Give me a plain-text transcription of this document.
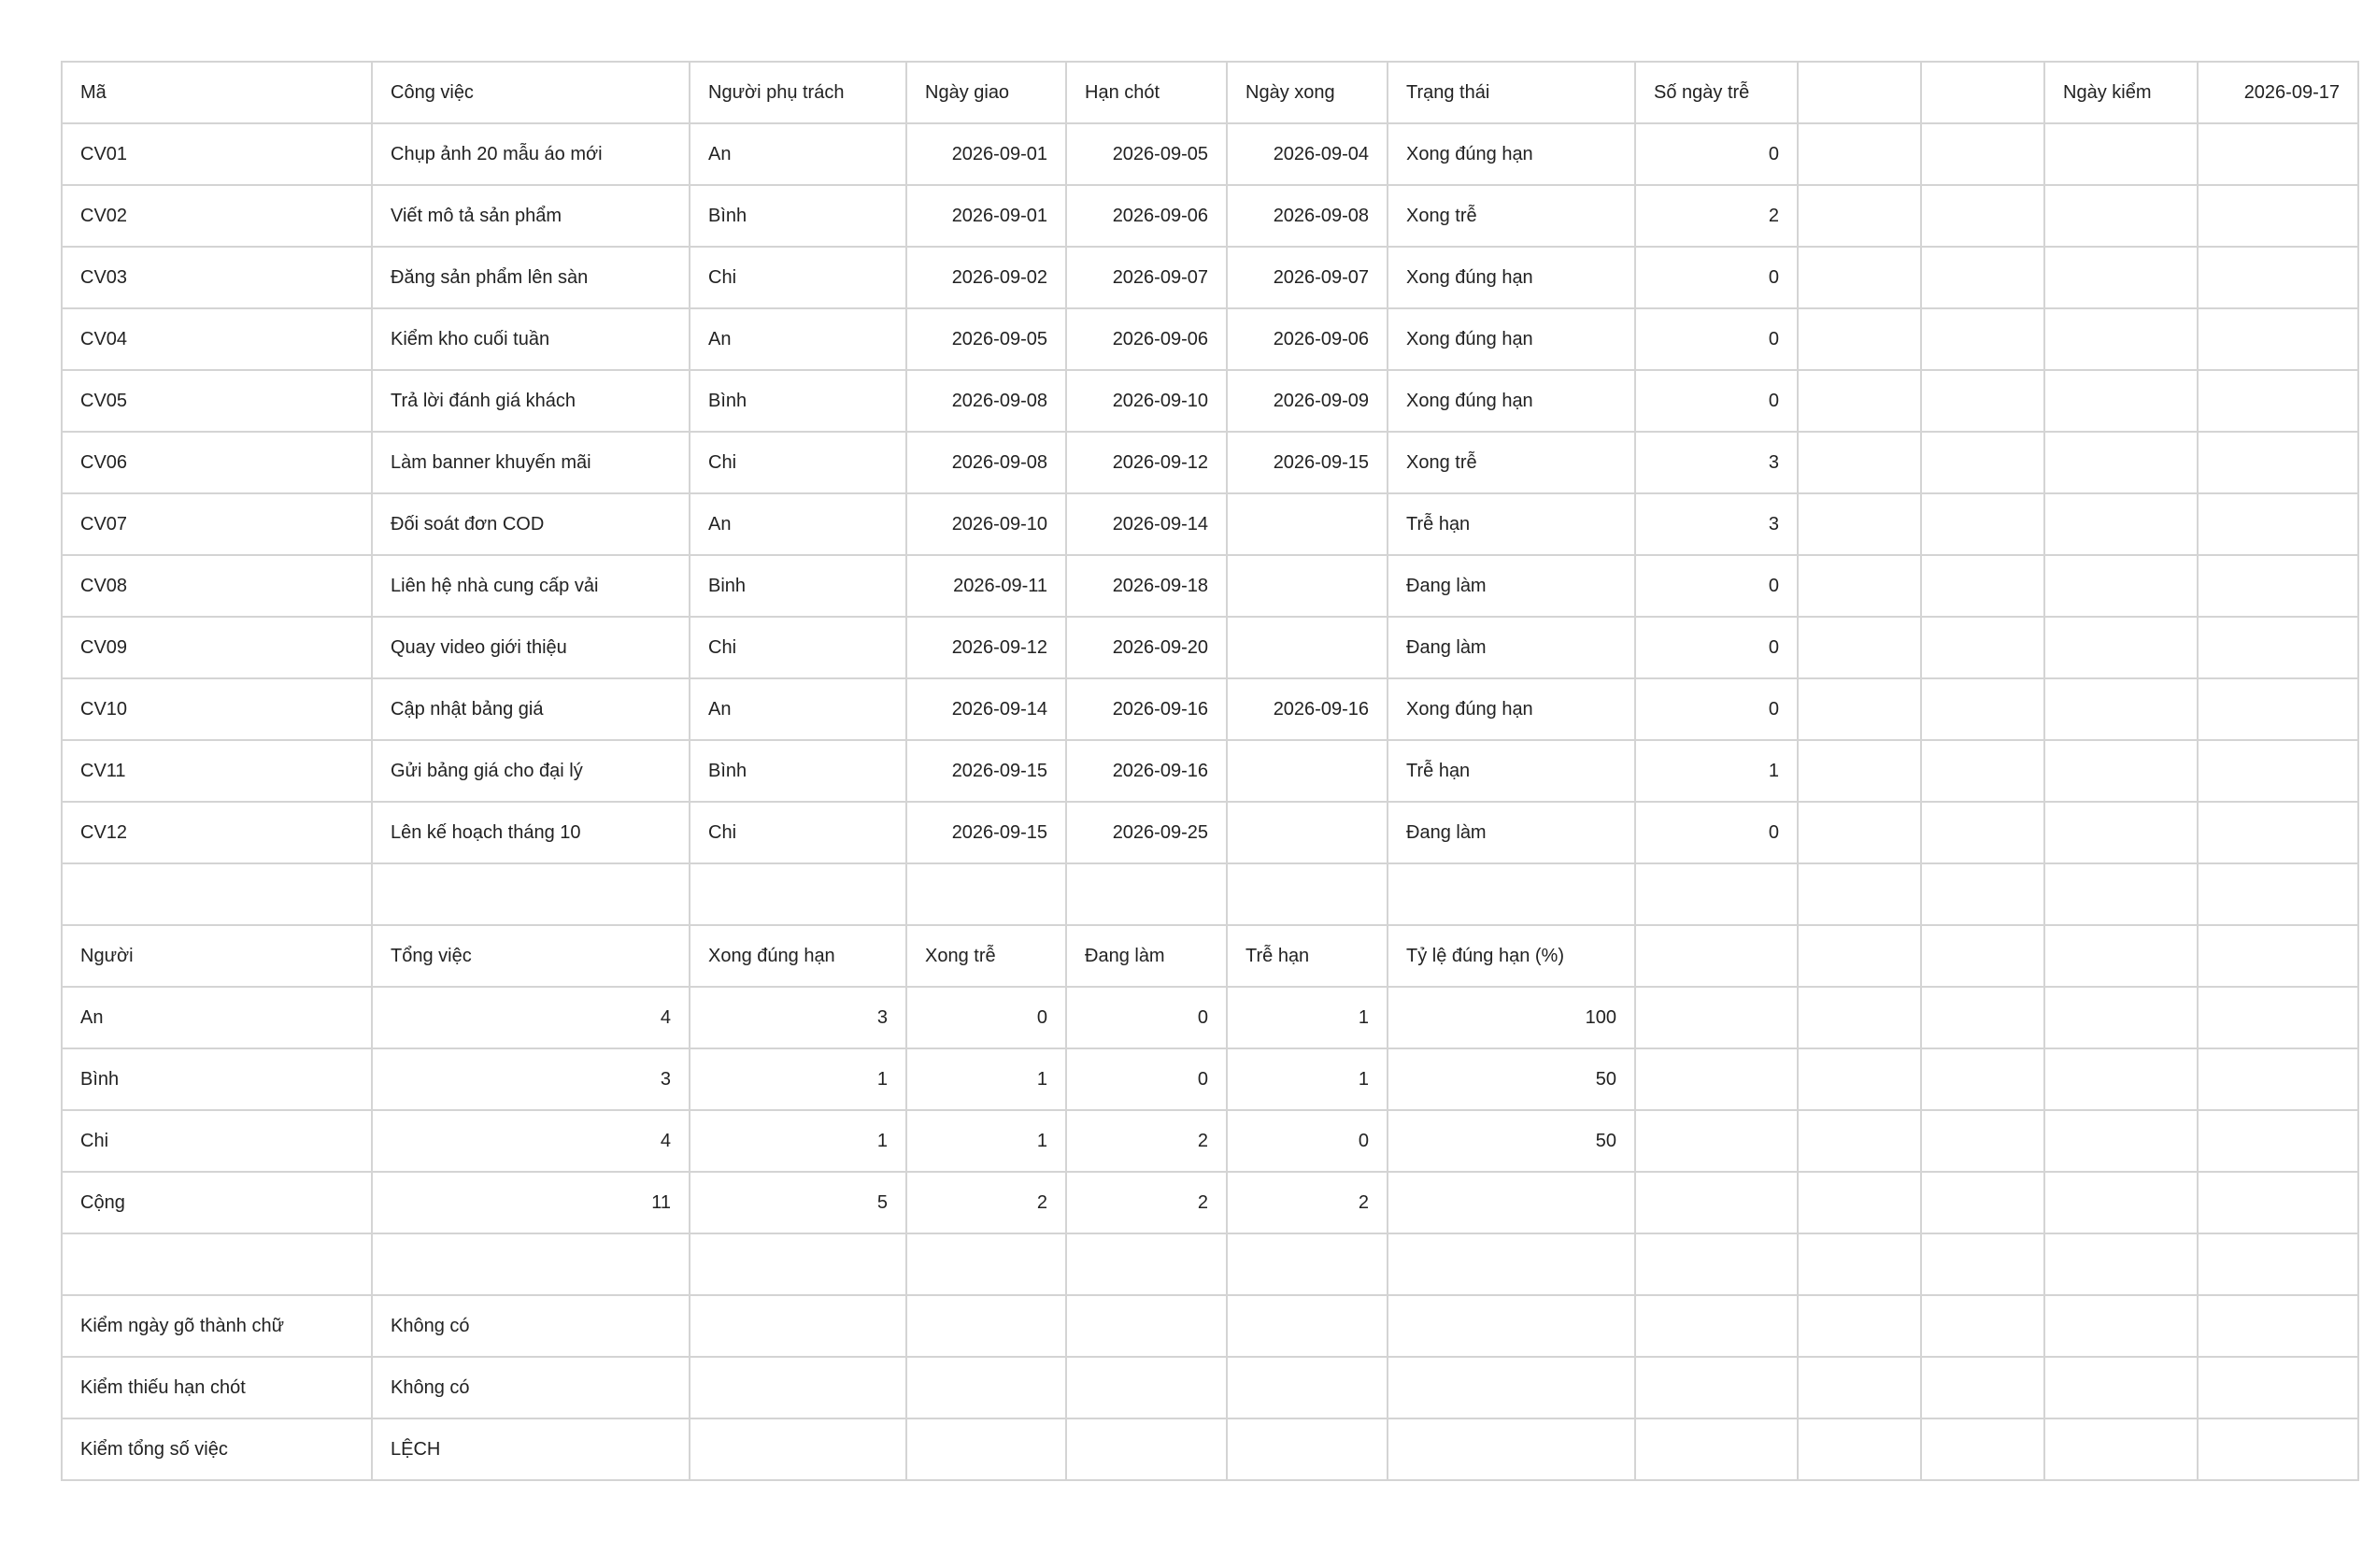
Mã	Công việc	Người phụ trách	Ngày giao	Hạn chót	Ngày xong	Trạng thái	Số ngày trễ			Ngày kiểm	2026-09-17
CV01	Chụp ảnh 20 mẫu áo mới	An	2026-09-01	2026-09-05	2026-09-04	Xong đúng hạn	0				
CV02	Viết mô tả sản phẩm	Bình	2026-09-01	2026-09-06	2026-09-08	Xong trễ	2				
CV03	Đăng sản phẩm lên sàn	Chi	2026-09-02	2026-09-07	2026-09-07	Xong đúng hạn	0				
CV04	Kiểm kho cuối tuần	An	2026-09-05	2026-09-06	2026-09-06	Xong đúng hạn	0				
CV05	Trả lời đánh giá khách	Bình	2026-09-08	2026-09-10	2026-09-09	Xong đúng hạn	0				
CV06	Làm banner khuyến mãi	Chi	2026-09-08	2026-09-12	2026-09-15	Xong trễ	3				
CV07	Đối soát đơn COD	An	2026-09-10	2026-09-14		Trễ hạn	3				
CV08	Liên hệ nhà cung cấp vải	Binh	2026-09-11	2026-09-18		Đang làm	0				
CV09	Quay video giới thiệu	Chi	2026-09-12	2026-09-20		Đang làm	0				
CV10	Cập nhật bảng giá	An	2026-09-14	2026-09-16	2026-09-16	Xong đúng hạn	0				
CV11	Gửi bảng giá cho đại lý	Bình	2026-09-15	2026-09-16		Trễ hạn	1				
CV12	Lên kế hoạch tháng 10	Chi	2026-09-15	2026-09-25		Đang làm	0				

Người	Tổng việc	Xong đúng hạn	Xong trễ	Đang làm	Trễ hạn	Tỷ lệ đúng hạn (%)					
An	4	3	0	0	1	100					
Bình	3	1	1	0	1	50					
Chi	4	1	1	2	0	50					
Cộng	11	5	2	2	2						

Kiểm ngày gõ thành chữ	Không có										
Kiểm thiếu hạn chót	Không có										
Kiểm tổng số việc	LỆCH										
